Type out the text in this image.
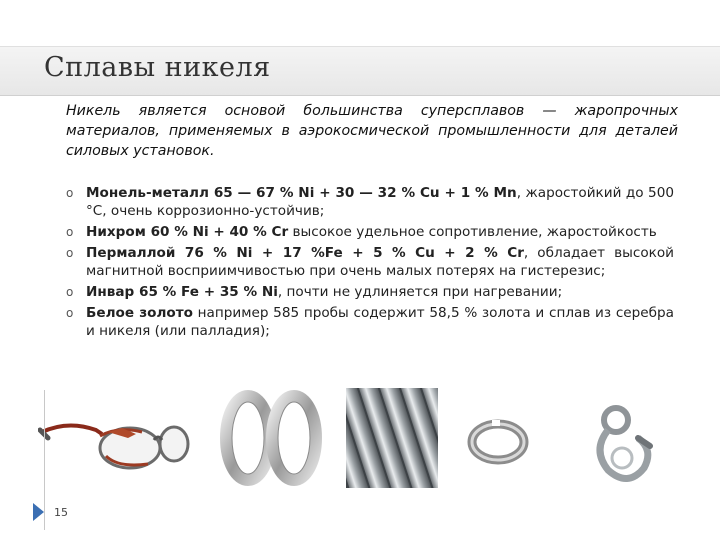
Сплавы никеля

Никель является основой большинства суперсплавов — жаропрочных материалов, применяемых в аэрокосмической промышленности для деталей силовых установок.

o Монель-металл 65 — 67 % Ni + 30 — 32 % Cu + 1 % Mn, жаростойкий до 500 °C, очень коррозионно-устойчив;
o Нихром 60 % Ni + 40 % Cr высокое удельное сопротивление, жаростойкость
o Пермаллой 76 % Ni + 17 %Fe + 5 % Cu + 2 % Cr, обладает высокой магнитной восприимчивостью при очень малых потерях на гистерезис;
o Инвар 65 % Fe + 35 % Ni, почти не удлиняется при нагревании;
o Белое золото например 585 пробы содержит 58,5 % золота и сплав из серебра и никеля (или палладия);
15
